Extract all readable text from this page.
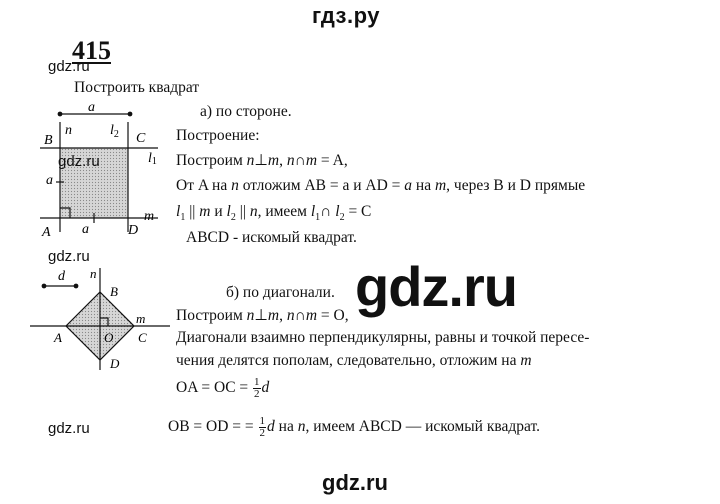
гдз.ру
415
gdz.ru
Построить квадрат
a
B
n	$l_2$ C
l1
a
A a	D
m
gdz.ru
а) по стороне.
Построение:
Построим n⊥m, n∩m = A,
От A на n отложим AB = a и AD = a на m, через B и D прямые
$l_1$ || m и $l_2$ || n, имеем $l_1\cap$ $l_2 = C$
ABCD - искомый квадрат.
gdz.ru
gdz.ru
d n
B
A	O C
m
D
б) по диагонали.
Построим n⊥m, n∩m = O,
Диагонали взаимно перпендикулярны, равны и точкой пересе-
чения делятся пополам, следовательно, отложим на m
OA = OC = $\frac{1}{2}$ d
gdz.ru	OB = OD = = $\frac{1}{2}$ d на n, имеем ABCD — искомый квадрат.
gdz.ru
